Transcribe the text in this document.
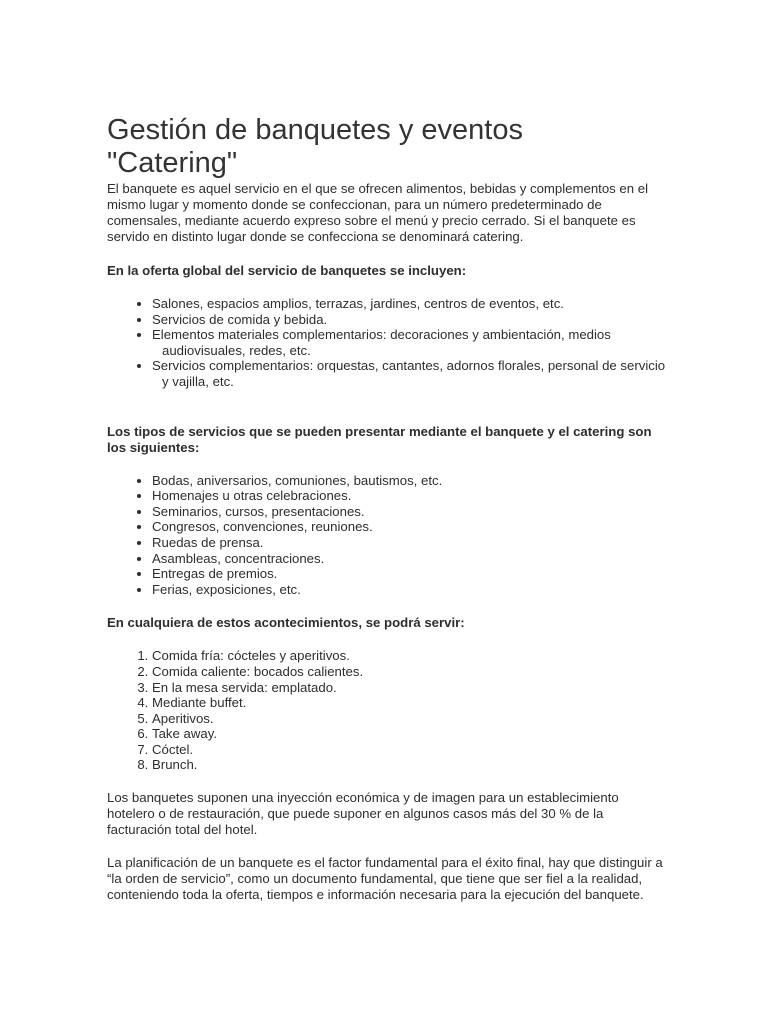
Gestión de banquetes y eventos
"Catering"

El banquete es aquel servicio en el que se ofrecen alimentos, bebidas y complementos en el mismo lugar y momento donde se confeccionan, para un número predeterminado de comensales, mediante acuerdo expreso sobre el menú y precio cerrado. Si el banquete es servido en distinto lugar donde se confecciona se denominará catering.

En la oferta global del servicio de banquetes se incluyen:

• Salones, espacios amplios, terrazas, jardines, centros de eventos, etc.
• Servicios de comida y bebida.
• Elementos materiales complementarios: decoraciones y ambientación, medios audiovisuales, redes, etc.
• Servicios complementarios: orquestas, cantantes, adornos florales, personal de servicio y vajilla, etc.

Los tipos de servicios que se pueden presentar mediante el banquete y el catering son los siguientes:

• Bodas, aniversarios, comuniones, bautismos, etc.
• Homenajes u otras celebraciones.
• Seminarios, cursos, presentaciones.
• Congresos, convenciones, reuniones.
• Ruedas de prensa.
• Asambleas, concentraciones.
• Entregas de premios.
• Ferias, exposiciones, etc.

En cualquiera de estos acontecimientos, se podrá servir:

1. Comida fría: cócteles y aperitivos.
2. Comida caliente: bocados calientes.
3. En la mesa servida: emplatado.
4. Mediante buffet.
5. Aperitivos.
6. Take away.
7. Cóctel.
8. Brunch.

Los banquetes suponen una inyección económica y de imagen para un establecimiento hotelero o de restauración, que puede suponer en algunos casos más del 30 % de la facturación total del hotel.

La planificación de un banquete es el factor fundamental para el éxito final, hay que distinguir a “la orden de servicio”, como un documento fundamental, que tiene que ser fiel a la realidad, conteniendo toda la oferta, tiempos e información necesaria para la ejecución del banquete.
